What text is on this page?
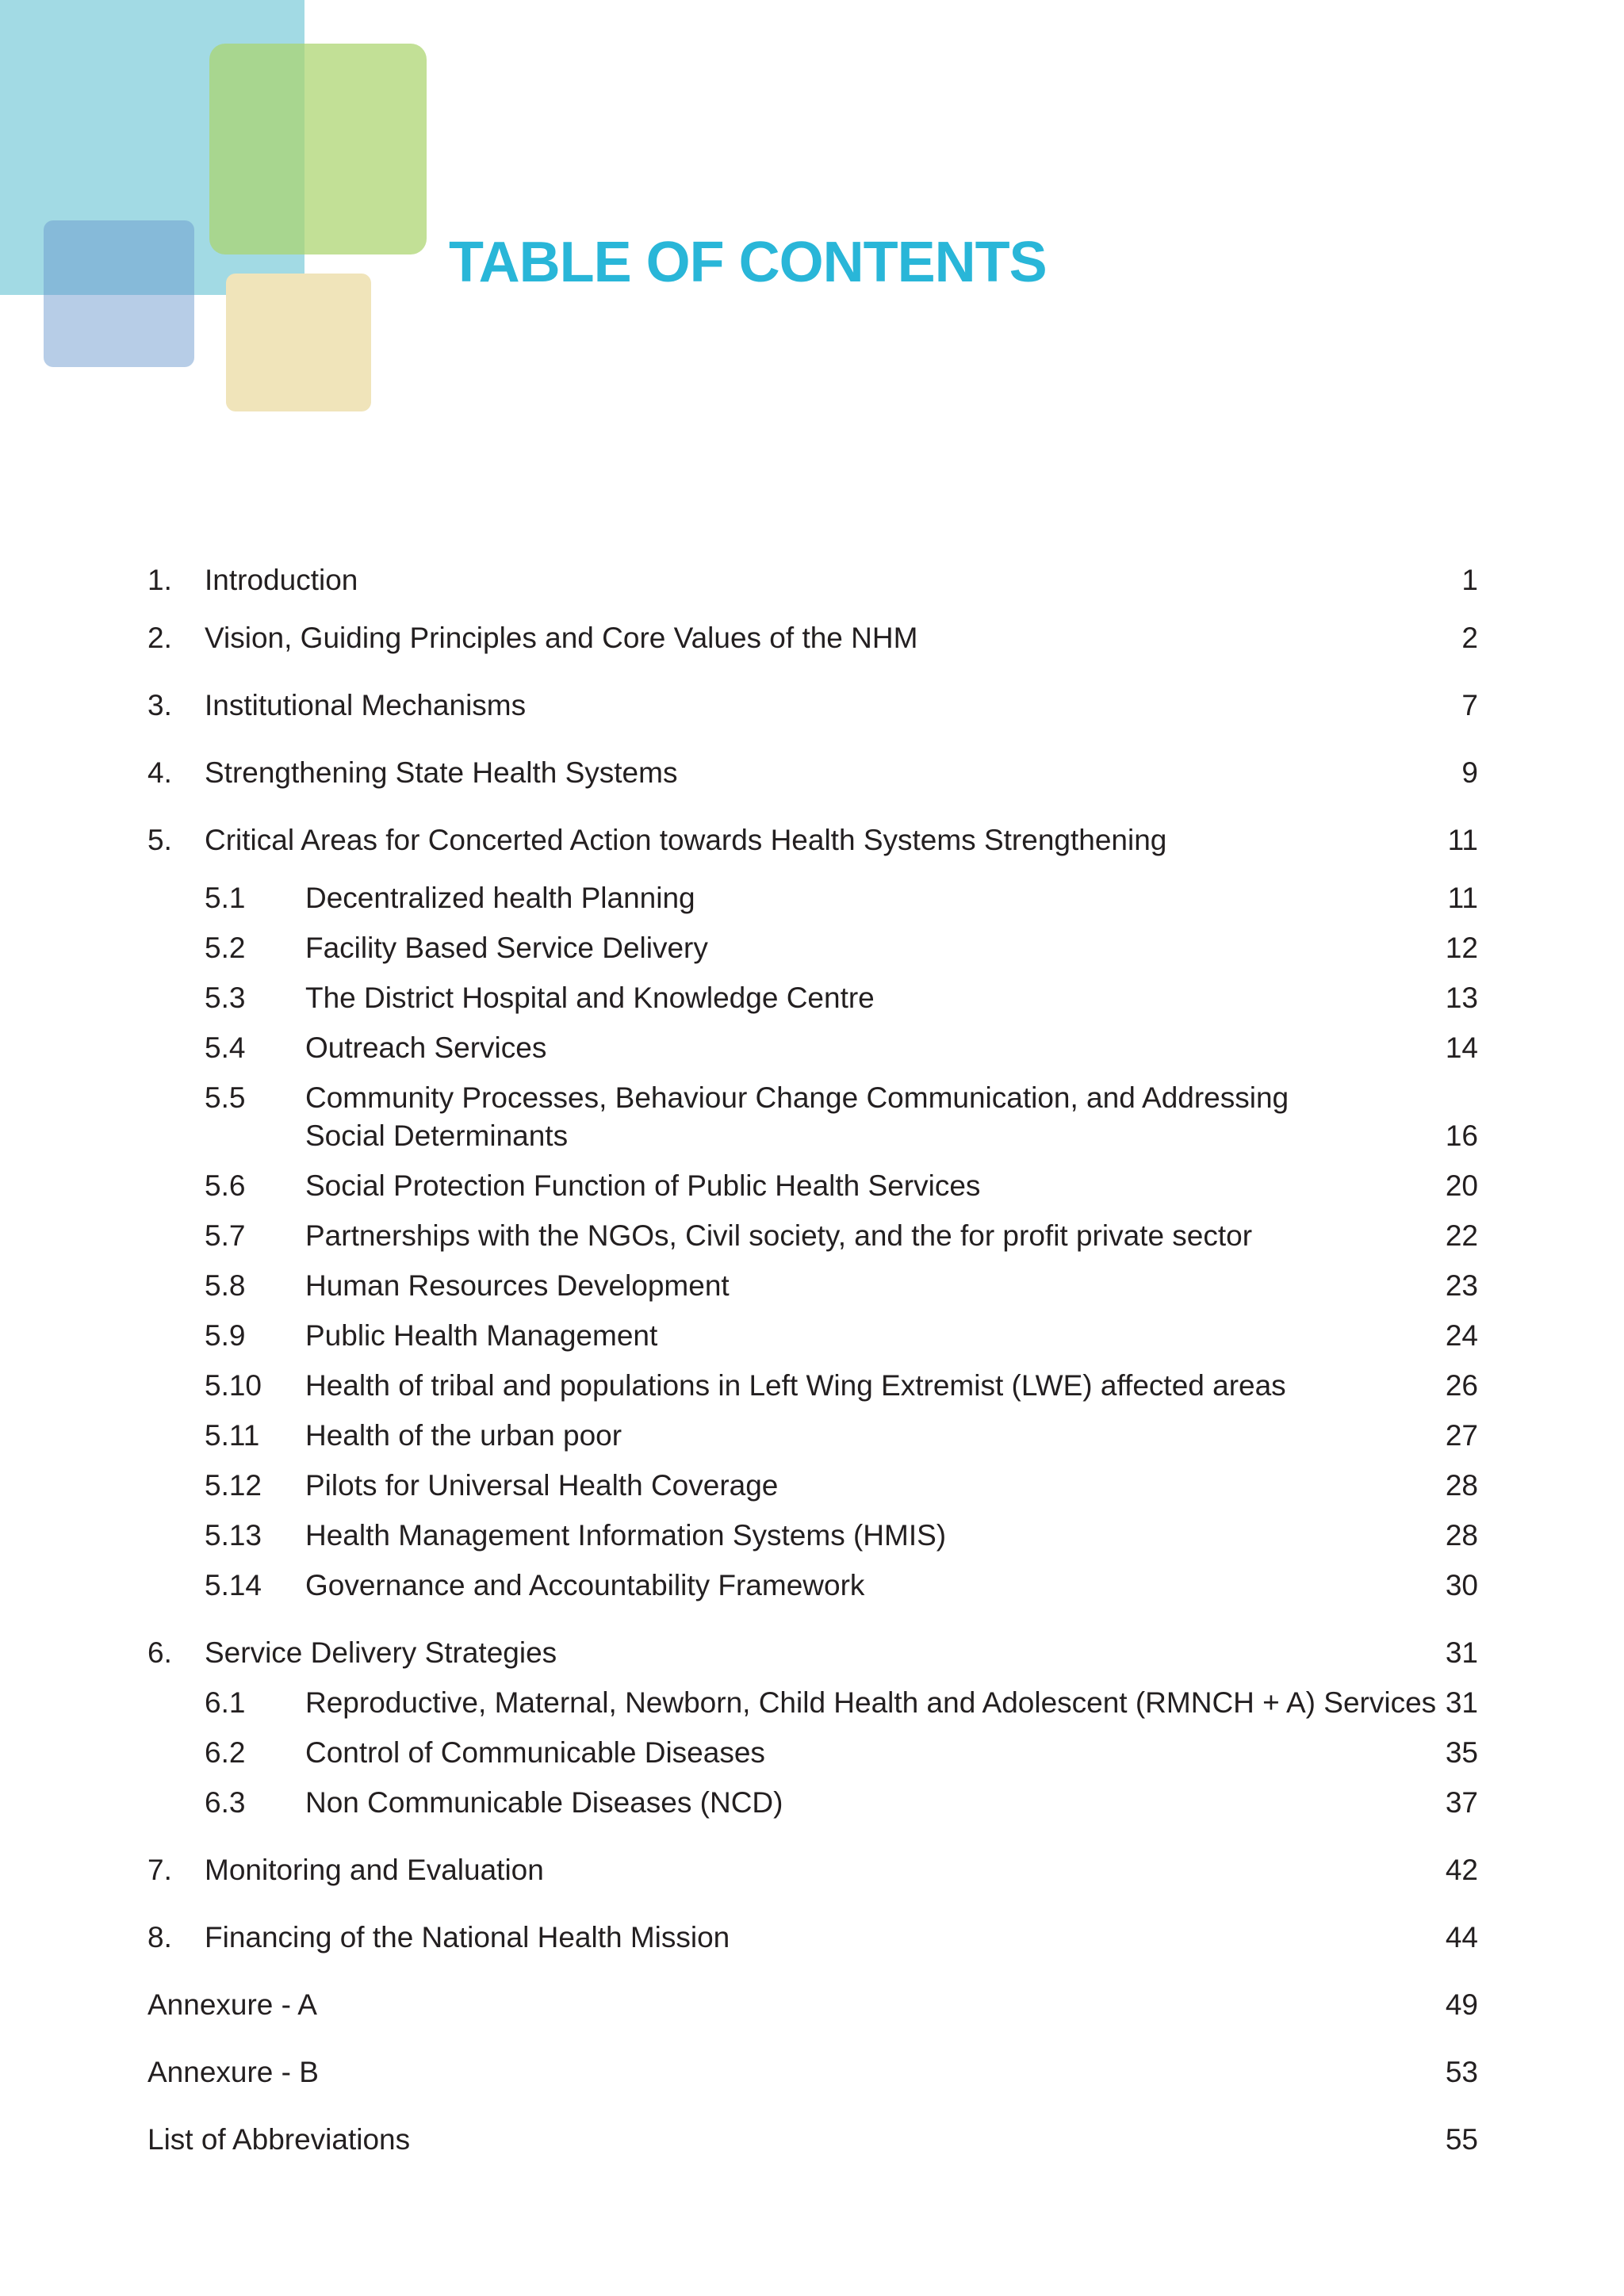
TABLE OF CONTENTS
1. Introduction	1
2. Vision, Guiding Principles and Core Values of the NHM	2
3. Institutional Mechanisms	7
4. Strengthening State Health Systems	9
5. Critical Areas for Concerted Action towards Health Systems Strengthening	11
5.1 Decentralized health Planning	11
5.2 Facility Based Service Delivery	12
5.3 The District Hospital and Knowledge Centre	13
5.4 Outreach Services	14
5.5 Community Processes, Behaviour Change Communication, and Addressing
Social Determinants	16
5.6 Social Protection Function of Public Health Services	20
5.7 Partnerships with the NGOs, Civil society, and the for profit private sector	22
5.8 Human Resources Development	23
5.9 Public Health Management	24
5.10 Health of tribal and populations in Left Wing Extremist (LWE) affected areas	26
5.11 Health of the urban poor	27
5.12 Pilots for Universal Health Coverage	28
5.13 Health Management Information Systems (HMIS)	28
5.14 Governance and Accountability Framework	30
6. Service Delivery Strategies	31
6.1 Reproductive, Maternal, Newborn, Child Health and Adolescent (RMNCH + A) Services 31
6.2 Control of Communicable Diseases	35
6.3 Non Communicable Diseases (NCD)	37
7. Monitoring and Evaluation	42
8. Financing of the National Health Mission	44
Annexure - A	49
Annexure - B	53
List of Abbreviations	55
